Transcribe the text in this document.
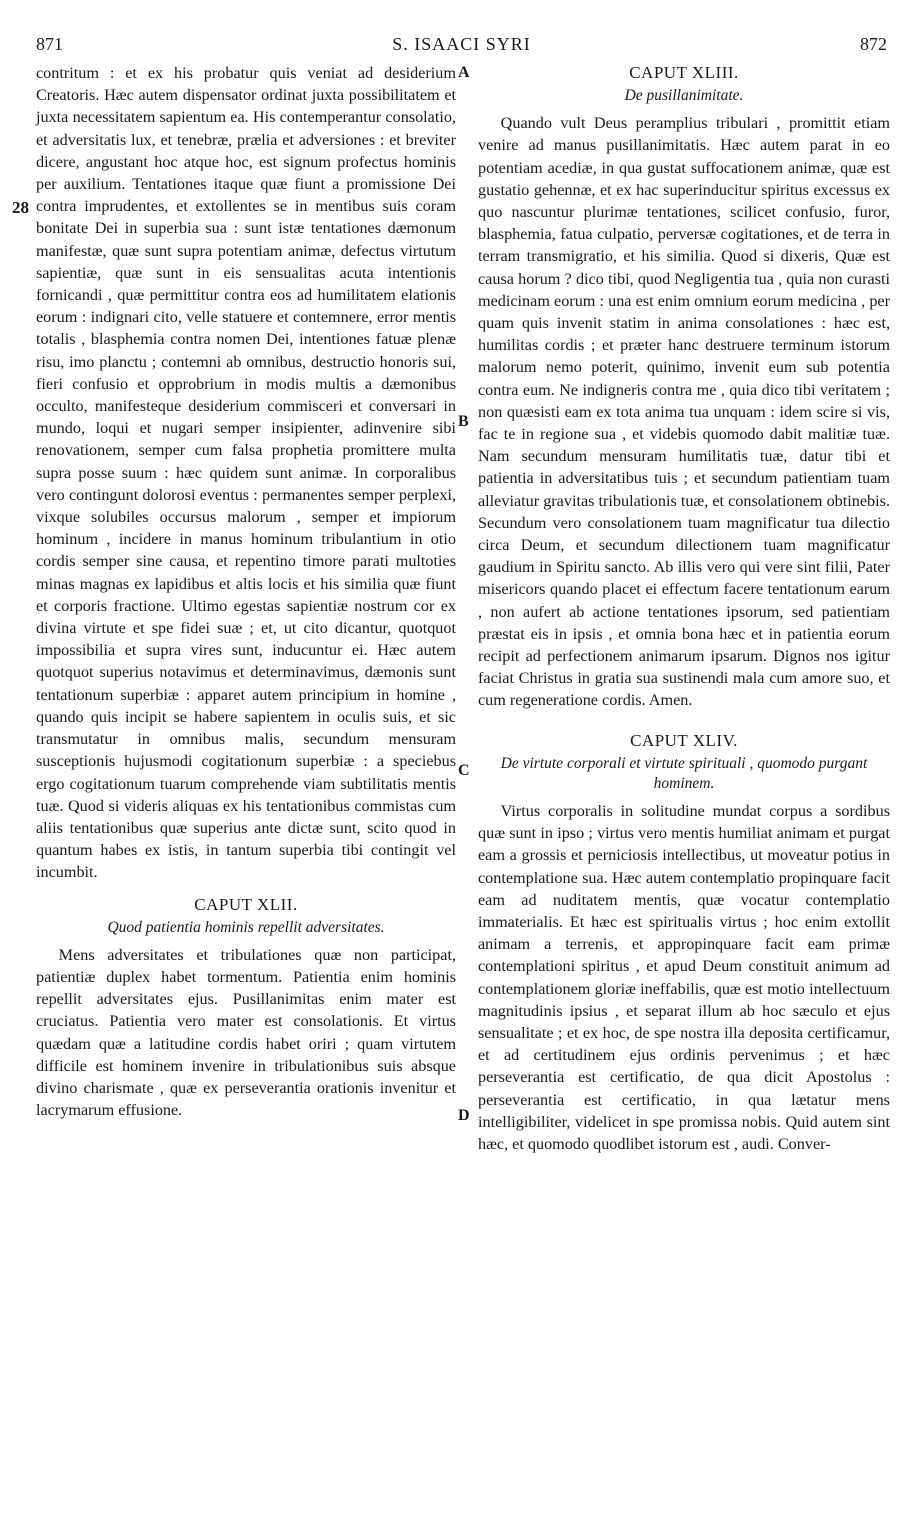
871	S. ISAACI SYRI	872
A
B
C
D
28

contritum : et ex his probatur quis veniat ad desiderium Creatoris. Hæc autem dispensator ordinat juxta possibilitatem et juxta necessitatem sapientum ea. His contemperantur consolatio, et adversitatis lux, et tenebræ, prælia et adversiones : et breviter dicere, angustant hoc atque hoc, est signum profectus hominis per auxilium. Tentationes itaque quæ fiunt a promissione Dei contra imprudentes, et extollentes se in mentibus suis coram bonitate Dei in superbia sua : sunt istæ tentationes dæmonum manifestæ, quæ sunt supra potentiam animæ, defectus virtutum sapientiæ, quæ sunt in eis sensualitas acuta intentionis fornicandi , quæ permittitur contra eos ad humilitatem elationis eorum : indignari cito, velle statuere et contemnere, error mentis totalis , blasphemia contra nomen Dei, intentiones fatuæ plenæ risu, imo planctu ; contemni ab omnibus, destructio honoris sui, fieri confusio et opprobrium in modis multis a dæmonibus occulto, manifesteque desiderium commisceri et conversari in mundo, loqui et nugari semper insipienter, adinvenire sibi renovationem, semper cum falsa prophetia promittere multa supra posse suum : hæc quidem sunt animæ. In corporalibus vero contingunt dolorosi eventus : permanentes semper perplexi, vixque solubiles occursus malorum , semper et impiorum hominum , incidere in manus hominum tribulantium in otio cordis semper sine causa, et repentino timore parati multoties minas magnas ex lapidibus et altis locis et his similia quæ fiunt et corporis fractione. Ultimo egestas sapientiæ nostrum cor ex divina virtute et spe fidei suæ ; et, ut cito dicantur, quotquot impossibilia et supra vires sunt, inducuntur ei. Hæc autem quotquot superius notavimus et determinavimus, dæmonis sunt tentationum superbiæ : apparet autem principium in homine , quando quis incipit se habere sapientem in oculis suis, et sic transmutatur in omnibus malis, secundum mensuram susceptionis hujusmodi cogitationum superbiæ : a speciebus ergo cogitationum tuarum comprehende viam subtilitatis mentis tuæ. Quod si videris aliquas ex his tentationibus commistas cum aliis tentationibus quæ superius ante dictæ sunt, scito quod in quantum habes ex istis, in tantum superbia tibi contingit vel incumbit.

CAPUT XLII.
Quod patientia hominis repellit adversitates.

Mens adversitates et tribulationes quæ non participat, patientiæ duplex habet tormentum. Patientia enim hominis repellit adversitates ejus. Pusillanimitas enim mater est cruciatus. Patientia vero mater est consolationis. Et virtus quædam quæ a latitudine cordis habet oriri ; quam virtutem difficile est hominem invenire in tribulationibus suis absque divino charismate , quæ ex perseverantia orationis invenitur et lacrymarum effusione.

CAPUT XLIII.
De pusillanimitate.

Quando vult Deus peramplius tribulari , promittit etiam venire ad manus pusillanimitatis. Hæc autem parat in eo potentiam acediæ, in qua gustat suffocationem animæ, quæ est gustatio gehennæ, et ex hac superinducitur spiritus excessus ex quo nascuntur plurimæ tentationes, scilicet confusio, furor, blasphemia, fatua culpatio, perversæ cogitationes, et de terra in terram transmigratio, et his similia. Quod si dixeris, Quæ est causa horum ? dico tibi, quod Negligentia tua , quia non curasti medicinam eorum : una est enim omnium eorum medicina , per quam quis invenit statim in anima consolationes : hæc est, humilitas cordis ; et præter hanc destruere terminum istorum malorum nemo poterit, quinimo, invenit eum sub potentia contra eum. Ne indigneris contra me , quia dico tibi veritatem ; non quæsisti eam ex tota anima tua unquam : idem scire si vis, fac te in regione sua , et videbis quomodo dabit malitiæ tuæ. Nam secundum mensuram humilitatis tuæ, datur tibi et patientia in adversitatibus tuis ; et secundum patientiam tuam alleviatur gravitas tribulationis tuæ, et consolationem obtinebis. Secundum vero consolationem tuam magnificatur tua dilectio circa Deum, et secundum dilectionem tuam magnificatur gaudium in Spiritu sancto. Ab illis vero qui vere sint filii, Pater misericors quando placet ei effectum facere tentationum earum , non aufert ab actione tentationes ipsorum, sed patientiam præstat eis in ipsis , et omnia bona hæc et in patientia eorum recipit ad perfectionem animarum ipsarum. Dignos nos igitur faciat Christus in gratia sua sustinendi mala cum amore suo, et cum regeneratione cordis. Amen.

CAPUT XLIV.
De virtute corporali et virtute spirituali , quomodo purgant hominem.

Virtus corporalis in solitudine mundat corpus a sordibus quæ sunt in ipso ; virtus vero mentis humiliat animam et purgat eam a grossis et perniciosis intellectibus, ut moveatur potius in contemplatione sua. Hæc autem contemplatio propinquare facit eam ad nuditatem mentis, quæ vocatur contemplatio immaterialis. Et hæc est spiritualis virtus ; hoc enim extollit animam a terrenis, et appropinquare facit eam primæ contemplationi spiritus , et apud Deum constituit animum ad contemplationem gloriæ ineffabilis, quæ est motio intellectuum magnitudinis ipsius , et separat illum ab hoc sæculo et ejus sensualitate ; et ex hoc, de spe nostra illa deposita certificamur, et ad certitudinem ejus ordinis pervenimus ; et hæc perseverantia est certificatio, de qua dicit Apostolus : perseverantia est certificatio, in qua lætatur mens intelligibiliter, videlicet in spe promissa nobis. Quid autem sint hæc, et quomodo quodlibet istorum est , audi. Conver-
